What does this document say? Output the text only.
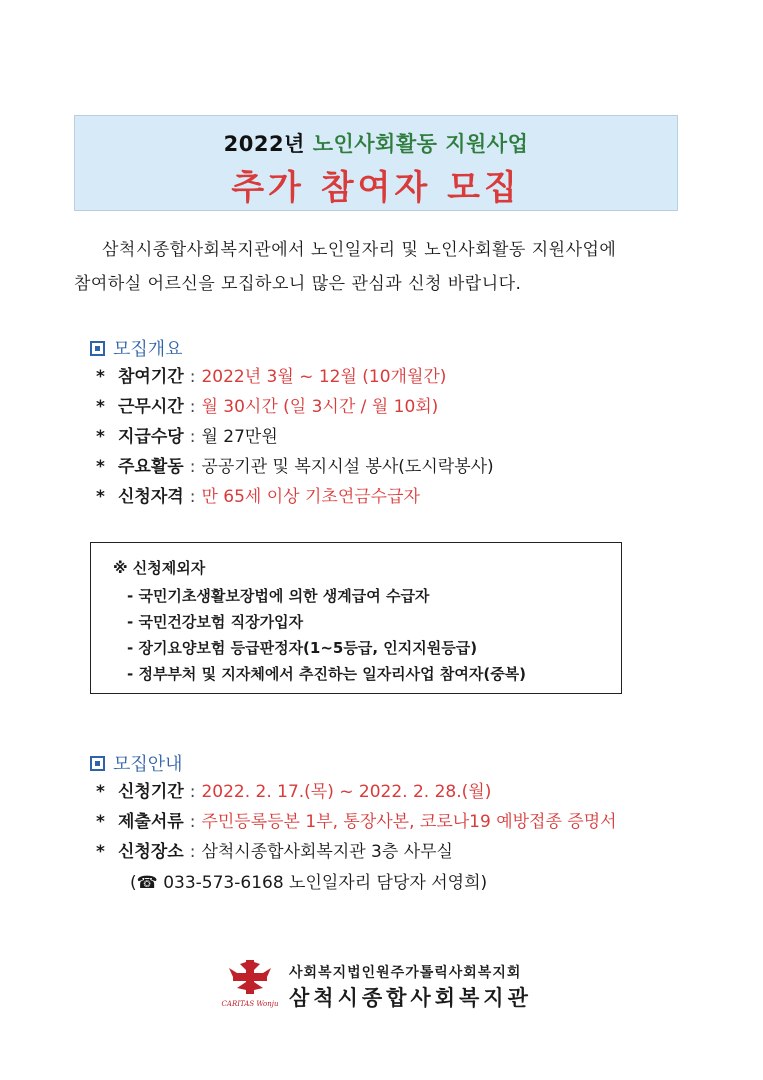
2022년 노인사회활동 지원사업
추가 참여자 모집

삼척시종합사회복지관에서 노인일자리 및 노인사회활동 지원사업에

참여하실 어르신을 모집하오니 많은 관심과 신청 바랍니다.

모집개요
* 참여기간 : 2022년 3월 ~ 12월 (10개월간)
* 근무시간 : 월 30시간 (일 3시간 / 월 10회)
* 지급수당 : 월 27만원
* 주요활동 : 공공기관 및 복지시설 봉사(도시락봉사)
* 신청자격 : 만 65세 이상 기초연금수급자
※ 신청제외자
- 국민기초생활보장법에 의한 생계급여 수급자
- 국민건강보험 직장가입자
- 장기요양보험 등급판정자(1~5등급, 인지지원등급)
- 정부부처 및 지자체에서 추진하는 일자리사업 참여자(중복)
모집안내
* 신청기간 : 2022. 2. 17.(목) ~ 2022. 2. 28.(월)
* 제출서류 : 주민등록등본 1부, 통장사본, 코로나19 예방접종 증명서
* 신청장소 : 삼척시종합사회복지관 3층 사무실
(☎ 033-573-6168 노인일자리 담당자 서영희)
CARITAS Wonju
사회복지법인원주가톨릭사회복지회
삼척시종합사회복지관
